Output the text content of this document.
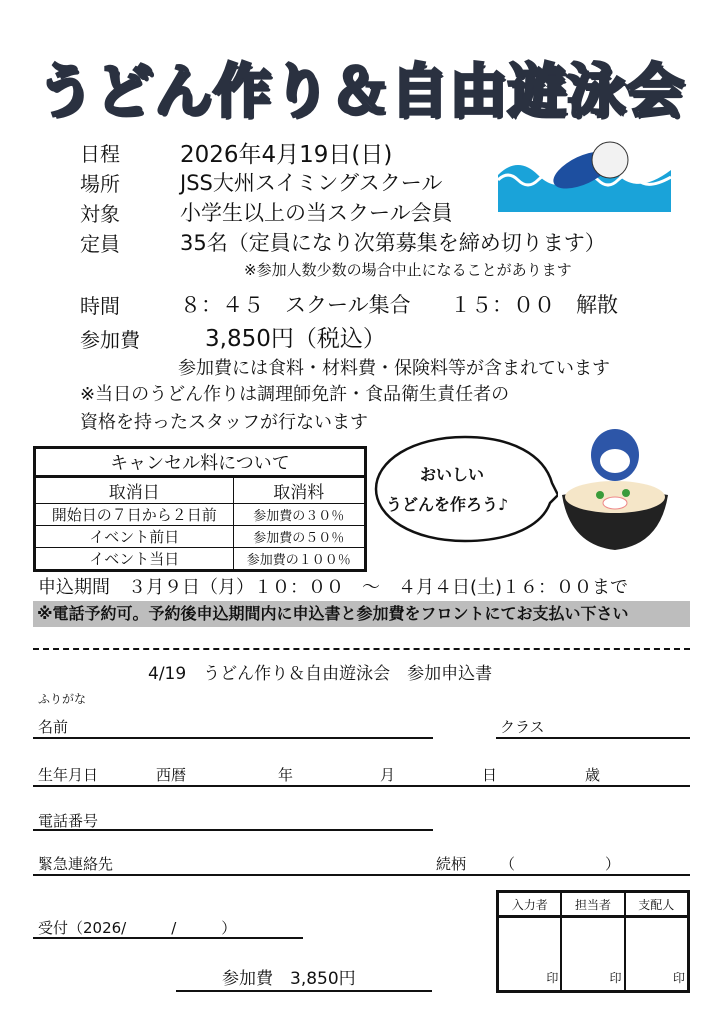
うどん作り＆自由遊泳会
日程	2026年4月19日(日)
場所	JSS大州スイミングスクール
対象	小学生以上の当スクール会員
定員	35名（定員になり次第募集を締め切ります）
※参加人数少数の場合中止になることがあります
時間	８：４５　スクール集合 １５：００　解散
参加費	3,850円（税込）
参加費には食料・材料費・保険料等が含まれています
※当日のうどん作りは調理師免許・食品衛生責任者の
資格を持ったスタッフが行ないます
キャンセル料について	
取消日	取消料
開始日の７日から２日前	参加費の３０％
イベント前日	参加費の５０％
イベント当日	参加費の１００％
おいしい
うどんを作ろう♪
申込期間　３月９日（月）１０：００　～　４月４日(土)１６：００まで
※電話予約可。予約後申込期間内に申込書と参加費をフロントにてお支払い下さい
4/19　うどん作り＆自由遊泳会　参加申込書
ふりがな
名前	クラス
生年月日	西暦	年	月	日	歳
電話番号
緊急連絡先	続柄 （　　　　　　）
受付（2026/　　　/　　　）
参加費　3,850円
入力者	担当者	支配人
印	印	印
